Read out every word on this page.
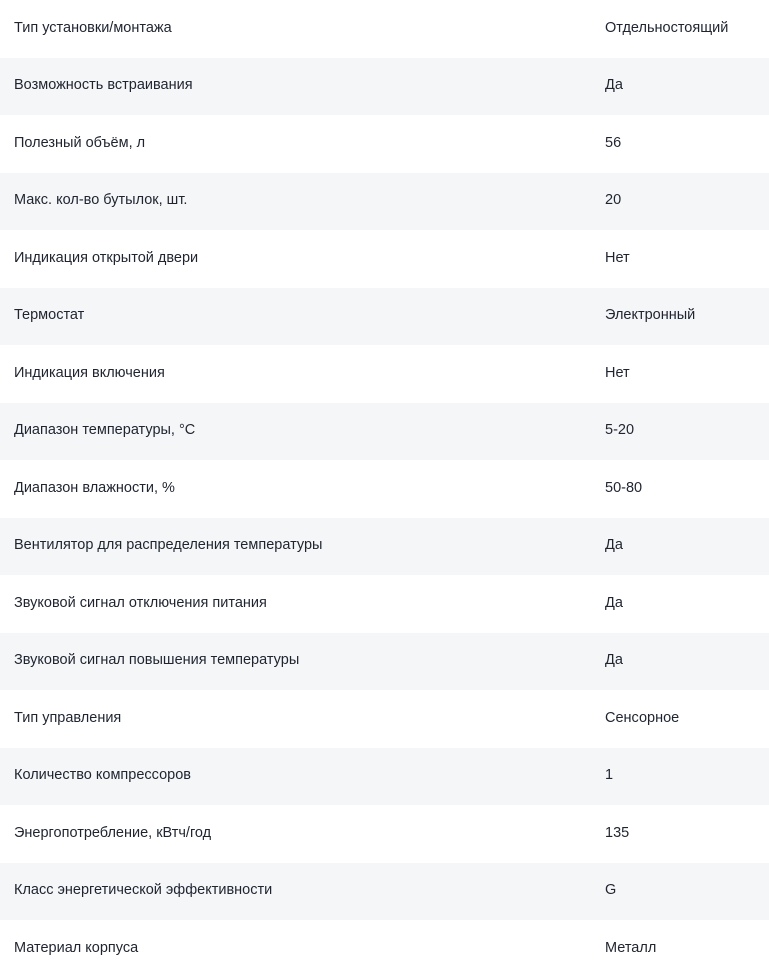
Тип установки/монтажа	Отдельностоящий
Возможность встраивания	Да
Полезный объём, л	56
Макс. кол-во бутылок, шт.	20
Индикация открытой двери	Нет
Термостат	Электронный
Индикация включения	Нет
Диапазон температуры, °C	5-20
Диапазон влажности, %	50-80
Вентилятор для распределения температуры	Да
Звуковой сигнал отключения питания	Да
Звуковой сигнал повышения температуры	Да
Тип управления	Сенсорное
Количество компрессоров	1
Энергопотребление, кВтч/год	135
Класс энергетической эффективности	G
Материал корпуса	Металл
